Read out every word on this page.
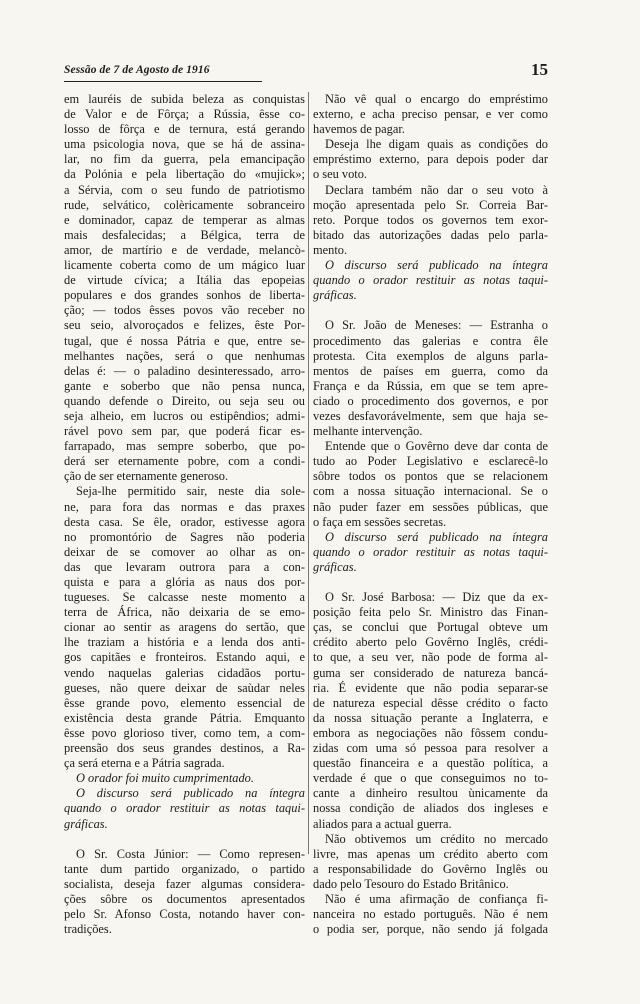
Sessão de 7 de Agosto de 1916	15
em lauréis de subida beleza as conquistas
de Valor e de Fôrça; a Rússia, êsse co-
losso de fôrça e de ternura, está gerando
uma psicologia nova, que se há de assina-
lar, no fim da guerra, pela emancipação
da Polónia e pela libertação do «mujick»;
a Sérvia, com o seu fundo de patriotismo
rude, selvático, colèricamente sobranceiro
e dominador, capaz de temperar as almas
mais desfalecidas; a Bélgica, terra de
amor, de martírio e de verdade, melancò-
licamente coberta como de um mágico luar
de virtude cívica; a Itália das epopeias
populares e dos grandes sonhos de liberta-
ção; — todos êsses povos vão receber no
seu seio, alvoroçados e felizes, êste Por-
tugal, que é nossa Pátria e que, entre se-
melhantes nações, será o que nenhumas
delas é: — o paladino desinteressado, arro-
gante e soberbo que não pensa nunca,
quando defende o Direito, ou seja seu ou
seja alheio, em lucros ou estipêndios; admi-
rável povo sem par, que poderá ficar es-
farrapado, mas sempre soberbo, que po-
derá ser eternamente pobre, com a condi-
ção de ser eternamente generoso.
Seja-lhe permitido sair, neste dia sole-
ne, para fora das normas e das praxes
desta casa. Se êle, orador, estivesse agora
no promontório de Sagres não poderia
deixar de se comover ao olhar as on-
das que levaram outrora para a con-
quista e para a glória as naus dos por-
tugueses. Se calcasse neste momento a
terra de África, não deixaria de se emo-
cionar ao sentir as aragens do sertão, que
lhe traziam a história e a lenda dos anti-
gos capitães e fronteiros. Estando aqui, e
vendo naquelas galerias cidadãos portu-
gueses, não quere deixar de saùdar neles
êsse grande povo, elemento essencial de
existência desta grande Pátria. Emquanto
êsse povo glorioso tiver, como tem, a com-
preensão dos seus grandes destinos, a Ra-
ça será eterna e a Pátria sagrada.
O orador foi muito cumprimentado.
O discurso será publicado na íntegra
quando o orador restituir as notas taqui-
gráficas.
O Sr. Costa Júnior: — Como represen-
tante dum partido organizado, o partido
socialista, deseja fazer algumas considera-
ções sôbre os documentos apresentados
pelo Sr. Afonso Costa, notando haver con-
tradições.
Não vê qual o encargo do empréstimo
externo, e acha preciso pensar, e ver como
havemos de pagar.
Deseja lhe digam quais as condições do
empréstimo externo, para depois poder dar
o seu voto.
Declara também não dar o seu voto à
moção apresentada pelo Sr. Correia Bar-
reto. Porque todos os governos tem exor-
bitado das autorizações dadas pelo parla-
mento.
O discurso será publicado na íntegra
quando o orador restituir as notas taqui-
gráficas.
O Sr. João de Meneses: — Estranha o
procedimento das galerias e contra êle
protesta. Cita exemplos de alguns parla-
mentos de países em guerra, como da
França e da Rússia, em que se tem apre-
ciado o procedimento dos governos, e por
vezes desfavorávelmente, sem que haja se-
melhante intervenção.
Entende que o Govêrno deve dar conta de
tudo ao Poder Legislativo e esclarecê-lo
sôbre todos os pontos que se relacionem
com a nossa situação internacional. Se o
não puder fazer em sessões públicas, que
o faça em sessões secretas.
O discurso será publicado na íntegra
quando o orador restituir as notas taqui-
gráficas.
O Sr. José Barbosa: — Diz que da ex-
posição feita pelo Sr. Ministro das Finan-
ças, se conclui que Portugal obteve um
crédito aberto pelo Govêrno Inglês, crédi-
to que, a seu ver, não pode de forma al-
guma ser considerado de natureza bancá-
ria. É evidente que não podia separar-se
de natureza especial dêsse crédito o facto
da nossa situação perante a Inglaterra, e
embora as negociações não fôssem condu-
zidas com uma só pessoa para resolver a
questão financeira e a questão política, a
verdade é que o que conseguimos no to-
cante a dinheiro resultou ùnicamente da
nossa condição de aliados dos ingleses e
aliados para a actual guerra.
Não obtivemos um crédito no mercado
livre, mas apenas um crédito aberto com
a responsabilidade do Govêrno Inglês ou
dado pelo Tesouro do Estado Britânico.
Não é uma afirmação de confiança fi-
nanceira no estado português. Não é nem
o podia ser, porque, não sendo já folgada
